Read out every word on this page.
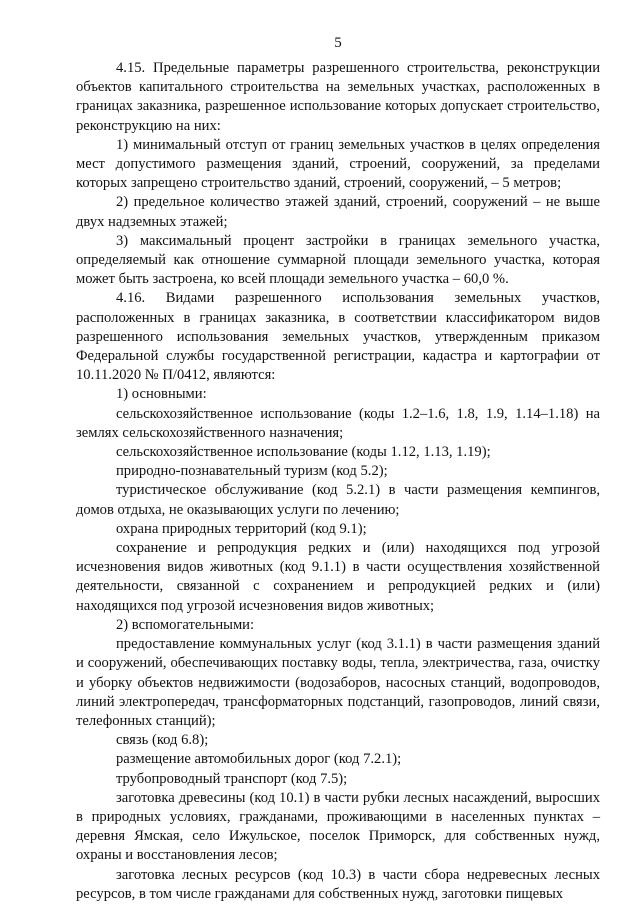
5

4.15. Предельные параметры разрешенного строительства, реконструкции объектов капитального строительства на земельных участках, расположенных в границах заказника, разрешенное использование которых допускает строительство, реконструкцию на них:

1) минимальный отступ от границ земельных участков в целях определения мест допустимого размещения зданий, строений, сооружений, за пределами которых запрещено строительство зданий, строений, сооружений, – 5 метров;

2) предельное количество этажей зданий, строений, сооружений – не выше двух надземных этажей;

3) максимальный процент застройки в границах земельного участка, определяемый как отношение суммарной площади земельного участка, которая может быть застроена, ко всей площади земельного участка – 60,0 %.

4.16. Видами разрешенного использования земельных участков, расположенных в границах заказника, в соответствии классификатором видов разрешенного использования земельных участков, утвержденным приказом Федеральной службы государственной регистрации, кадастра и картографии от 10.11.2020 № П/0412, являются:

1) основными:

сельскохозяйственное использование (коды 1.2–1.6, 1.8, 1.9, 1.14–1.18) на землях сельскохозяйственного назначения;

сельскохозяйственное использование (коды 1.12, 1.13, 1.19);

природно-познавательный туризм (код 5.2);

туристическое обслуживание (код 5.2.1) в части размещения кемпингов, домов отдыха, не оказывающих услуги по лечению;

охрана природных территорий (код 9.1);

сохранение и репродукция редких и (или) находящихся под угрозой исчезновения видов животных (код 9.1.1) в части осуществления хозяйственной деятельности, связанной с сохранением и репродукцией редких и (или) находящихся под угрозой исчезновения видов животных;

2) вспомогательными:

предоставление коммунальных услуг (код 3.1.1) в части размещения зданий и сооружений, обеспечивающих поставку воды, тепла, электричества, газа, очистку и уборку объектов недвижимости (водозаборов, насосных станций, водопроводов, линий электропередач, трансформаторных подстанций, газопроводов, линий связи, телефонных станций);

связь (код 6.8);

размещение автомобильных дорог (код 7.2.1);

трубопроводный транспорт (код 7.5);

заготовка древесины (код 10.1) в части рубки лесных насаждений, выросших в природных условиях, гражданами, проживающими в населенных пунктах – деревня Ямская, село Ижульское, поселок Приморск, для собственных нужд, охраны и восстановления лесов;

заготовка лесных ресурсов (код 10.3) в части сбора недревесных лесных ресурсов, в том числе гражданами для собственных нужд, заготовки пищевых
